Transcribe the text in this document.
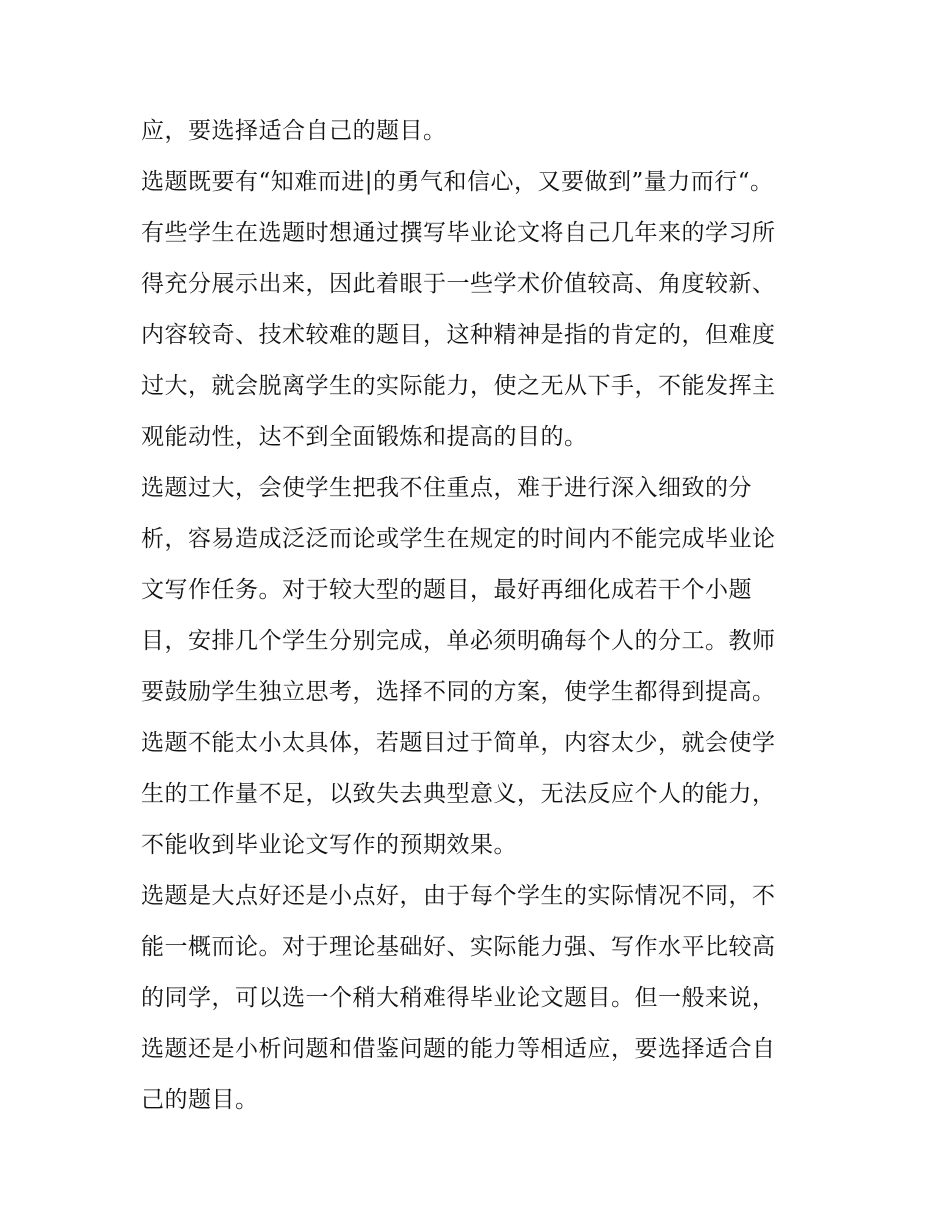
应，要选择适合自己的题目。
选题既要有“知难而进|的勇气和信心，又要做到”量力而行“。
有些学生在选题时想通过撰写毕业论文将自己几年来的学习所
得充分展示出来，因此着眼于一些学术价值较高、角度较新、
内容较奇、技术较难的题目，这种精神是指的肯定的，但难度
过大，就会脱离学生的实际能力，使之无从下手，不能发挥主
观能动性，达不到全面锻炼和提高的目的。
选题过大，会使学生把我不住重点，难于进行深入细致的分
析，容易造成泛泛而论或学生在规定的时间内不能完成毕业论
文写作任务。对于较大型的题目，最好再细化成若干个小题
目，安排几个学生分别完成，单必须明确每个人的分工。教师
要鼓励学生独立思考，选择不同的方案，使学生都得到提高。
选题不能太小太具体，若题目过于简单，内容太少，就会使学
生的工作量不足，以致失去典型意义，无法反应个人的能力，
不能收到毕业论文写作的预期效果。
选题是大点好还是小点好，由于每个学生的实际情况不同，不
能一概而论。对于理论基础好、实际能力强、写作水平比较高
的同学，可以选一个稍大稍难得毕业论文题目。但一般来说，
选题还是小析问题和借鉴问题的能力等相适应，要选择适合自
己的题目。
